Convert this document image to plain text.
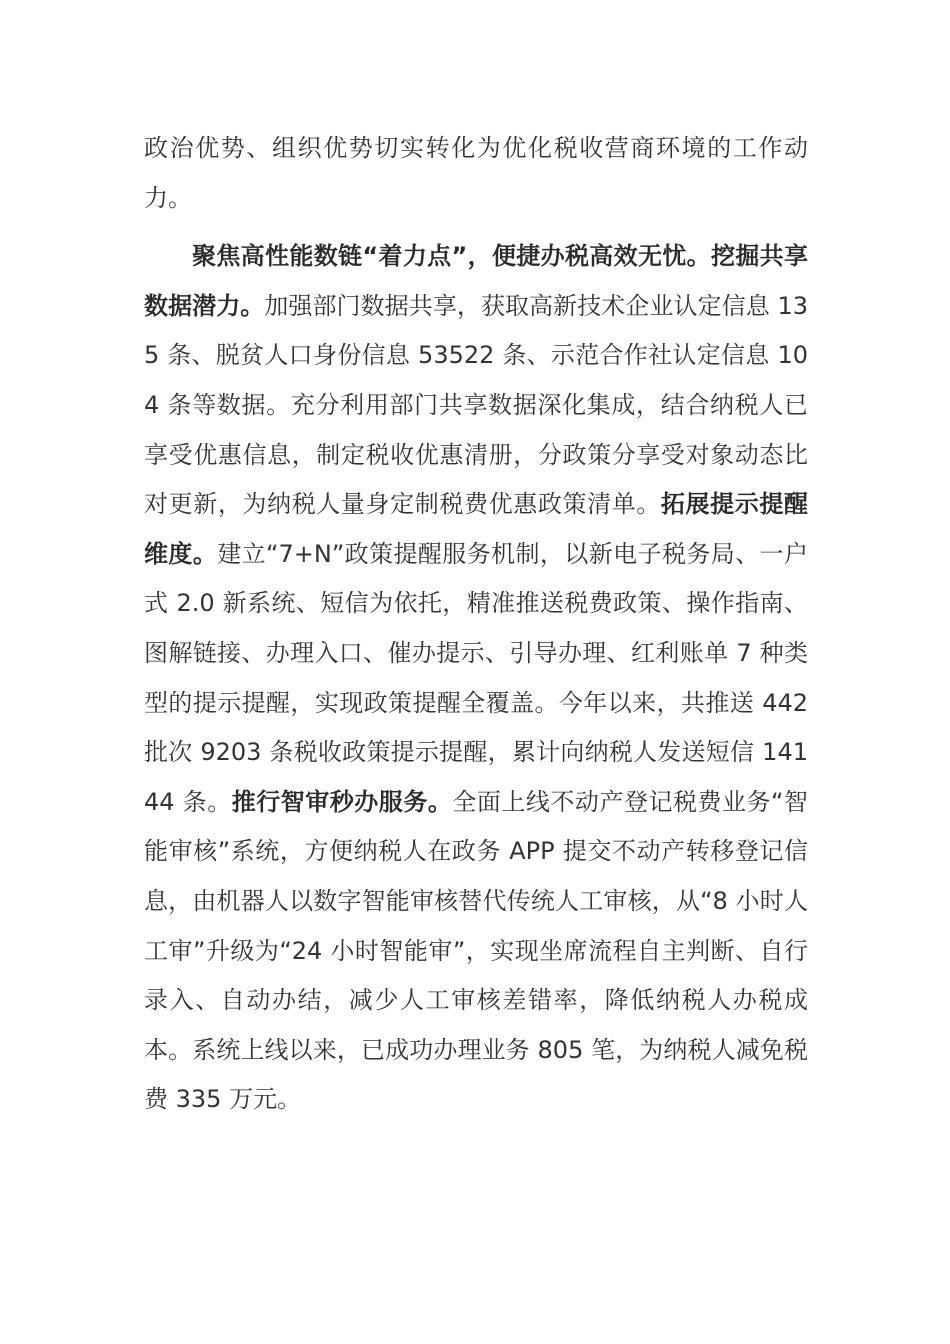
政治优势、组织优势切实转化为优化税收营商环境的工作动力。

聚焦高性能数链“着力点”，便捷办税高效无忧。挖掘共享数据潜力。加强部门数据共享，获取高新技术企业认定信息 135 条、脱贫人口身份信息 53522 条、示范合作社认定信息 104 条等数据。充分利用部门共享数据深化集成，结合纳税人已享受优惠信息，制定税收优惠清册，分政策分享受对象动态比对更新，为纳税人量身定制税费优惠政策清单。拓展提示提醒维度。建立“7+N”政策提醒服务机制，以新电子税务局、一户式 2.0 新系统、短信为依托，精准推送税费政策、操作指南、图解链接、办理入口、催办提示、引导办理、红利账单 7 种类型的提示提醒，实现政策提醒全覆盖。今年以来，共推送 442 批次 9203 条税收政策提示提醒，累计向纳税人发送短信 14144 条。推行智审秒办服务。全面上线不动产登记税费业务“智能审核”系统，方便纳税人在政务 APP 提交不动产转移登记信息，由机器人以数字智能审核替代传统人工审核，从“8 小时人工审”升级为“24 小时智能审”，实现坐席流程自主判断、自行录入、自动办结，减少人工审核差错率，降低纳税人办税成本。系统上线以来，已成功办理业务 805 笔，为纳税人减免税费 335 万元。
